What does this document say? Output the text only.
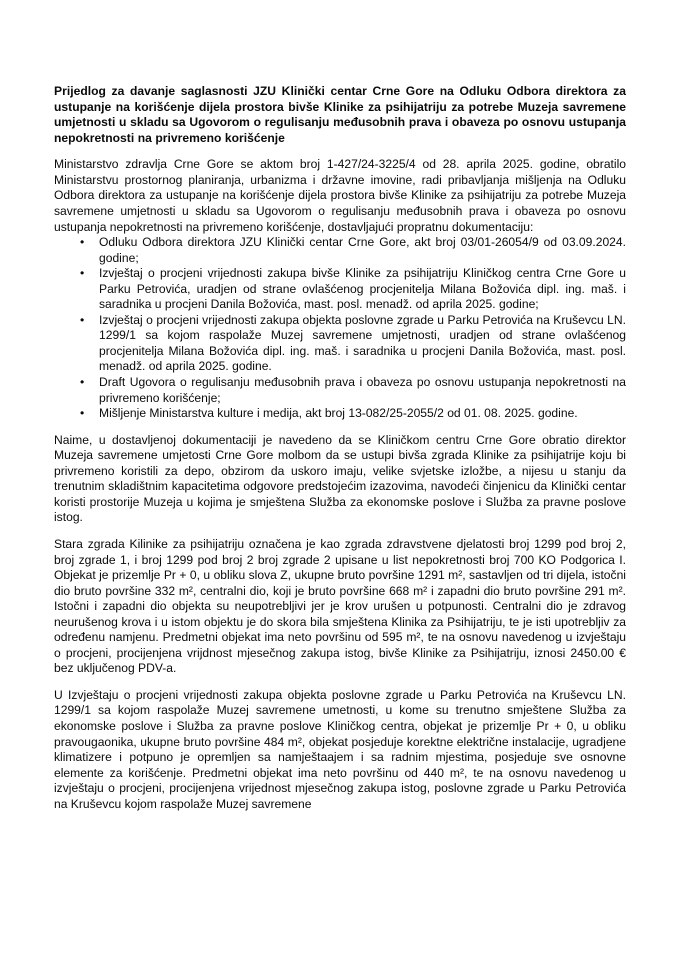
Prijedlog za davanje saglasnosti JZU Klinički centar Crne Gore na Odluku Odbora direktora za ustupanje na korišćenje dijela prostora bivše Klinike za psihijatriju za potrebe Muzeja savremene umjetnosti u skladu sa Ugovorom o regulisanju međusobnih prava i obaveza po osnovu ustupanja nepokretnosti na privremeno korišćenje

Ministarstvo zdravlja Crne Gore se aktom broj 1-427/24-3225/4 od 28. aprila 2025. godine, obratilo Ministarstvu prostornog planiranja, urbanizma i državne imovine, radi pribavljanja mišljenja na Odluku Odbora direktora za ustupanje na korišćenje dijela prostora bivše Klinike za psihijatriju za potrebe Muzeja savremene umjetnosti u skladu sa Ugovorom o regulisanju međusobnih prava i obaveza po osnovu ustupanja nepokretnosti na privremeno korišćenje, dostavljajući propratnu dokumentaciju:

• Odluku Odbora direktora JZU Klinički centar Crne Gore, akt broj 03/01-26054/9 od 03.09.2024. godine;
• Izvještaj o procjeni vrijednosti zakupa bivše Klinike za psihijatriju Kliničkog centra Crne Gore u Parku Petrovića, uradjen od strane ovlašćenog procjenitelja Milana Božovića dipl. ing. maš. i saradnika u procjeni Danila Božovića, mast. posl. menadž. od aprila 2025. godine;
• Izvještaj o procjeni vrijednosti zakupa objekta poslovne zgrade u Parku Petrovića na Kruševcu LN. 1299/1 sa kojom raspolaže Muzej savremene umjetnosti, uradjen od strane ovlašćenog procjenitelja Milana Božovića dipl. ing. maš. i saradnika u procjeni Danila Božovića, mast. posl. menadž. od aprila 2025. godine.
• Draft Ugovora o regulisanju međusobnih prava i obaveza po osnovu ustupanja nepokretnosti na privremeno korišćenje;
• Mišljenje Ministarstva kulture i medija, akt broj 13-082/25-2055/2 od 01. 08. 2025. godine.

Naime, u dostavljenoj dokumentaciji je navedeno da se Kliničkom centru Crne Gore obratio direktor Muzeja savremene umjetosti Crne Gore molbom da se ustupi bivša zgrada Klinike za psihijatrije koju bi privremeno koristili za depo, obzirom da uskoro imaju, velike svjetske izložbe, a nijesu u stanju da trenutnim skladištnim kapacitetima odgovore predstojećim izazovima, navodeći činjenicu da Klinički centar koristi prostorije Muzeja u kojima je smještena Služba za ekonomske poslove i Služba za pravne poslove istog.

Stara zgrada Kilinike za psihijatriju označena je kao zgrada zdravstvene djelatosti broj 1299 pod broj 2, broj zgrade 1, i broj 1299 pod broj 2 broj zgrade 2 upisane u list nepokretnosti broj 700 KO Podgorica I. Objekat je prizemlje Pr + 0, u obliku slova Z, ukupne bruto površine 1291 m², sastavljen od tri dijela, istočni dio bruto površine 332 m², centralni dio, koji je bruto površine 668 m² i zapadni dio bruto površine 291 m². Istočni i zapadni dio objekta su neupotrebljivi jer je krov urušen u potpunosti. Centralni dio je zdravog neurušenog krova i u istom objektu je do skora bila smještena Klinika za Psihijatriju, te je isti upotrebljiv za određenu namjenu. Predmetni objekat ima neto površinu od 595 m², te na osnovu navedenog u izvještaju o procjeni, procijenjena vrijdnost mjesečnog zakupa istog, bivše Klinike za Psihijatriju, iznosi 2450.00 € bez uključenog PDV-a.

U Izvještaju o procjeni vrijednosti zakupa objekta poslovne zgrade u Parku Petrovića na Kruševcu LN. 1299/1 sa kojom raspolaže Muzej savremene umetnosti, u kome su trenutno smještene Služba za ekonomske poslove i Služba za pravne poslove Kliničkog centra, objekat je prizemlje Pr + 0, u obliku pravougaonika, ukupne bruto površine 484 m², objekat posjeduje korektne električne instalacije, ugradjene klimatizere i potpuno je opremljen sa namještaajem i sa radnim mjestima, posjeduje sve osnovne elemente za korišćenje. Predmetni objekat ima neto površinu od 440 m², te na osnovu navedenog u izvještaju o procjeni, procijenjena vrijednost mjesečnog zakupa istog, poslovne zgrade u Parku Petrovića na Kruševcu kojom raspolaže Muzej savremene
